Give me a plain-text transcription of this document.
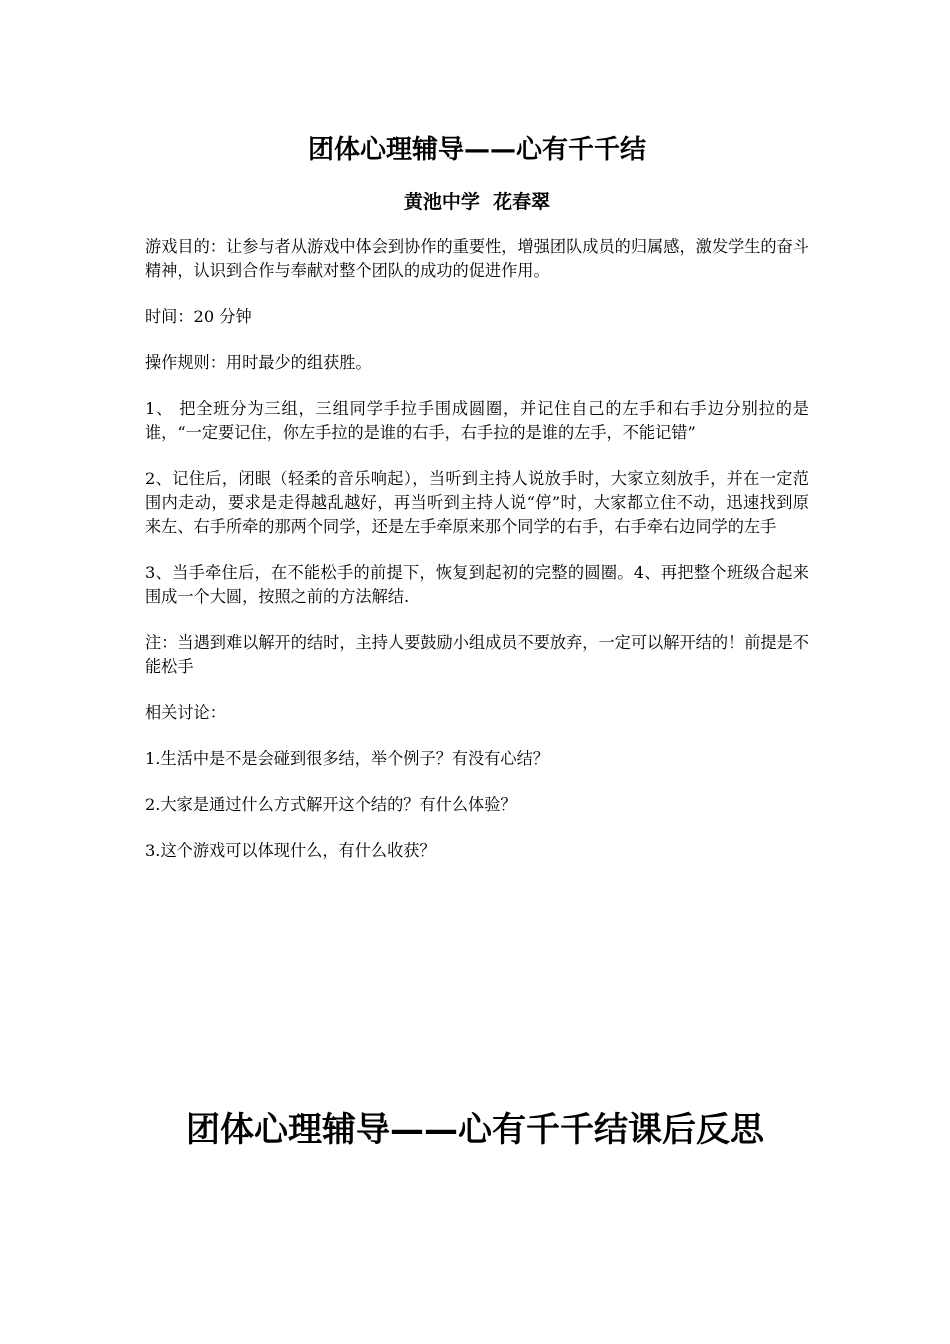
团体心理辅导——心有千千结
黄池中学  花春翠

游戏目的：让参与者从游戏中体会到协作的重要性，增强团队成员的归属感，激发学生的奋斗精神，认识到合作与奉献对整个团队的成功的促进作用。

时间：20 分钟

操作规则：用时最少的组获胜。

1、 把全班分为三组，三组同学手拉手围成圆圈，并记住自己的左手和右手边分别拉的是谁，“一定要记住，你左手拉的是谁的右手，右手拉的是谁的左手，不能记错”

2、记住后，闭眼（轻柔的音乐响起），当听到主持人说放手时，大家立刻放手，并在一定范围内走动，要求是走得越乱越好，再当听到主持人说“停”时，大家都立住不动，迅速找到原来左、右手所牵的那两个同学，还是左手牵原来那个同学的右手，右手牵右边同学的左手

3、当手牵住后，在不能松手的前提下，恢复到起初的完整的圆圈。4、再把整个班级合起来围成一个大圆，按照之前的方法解结.

注：当遇到难以解开的结时，主持人要鼓励小组成员不要放弃，一定可以解开结的！前提是不能松手

相关讨论：

1.生活中是不是会碰到很多结，举个例子？有没有心结？

2.大家是通过什么方式解开这个结的？有什么体验？

3.这个游戏可以体现什么，有什么收获？

团体心理辅导——心有千千结课后反思
